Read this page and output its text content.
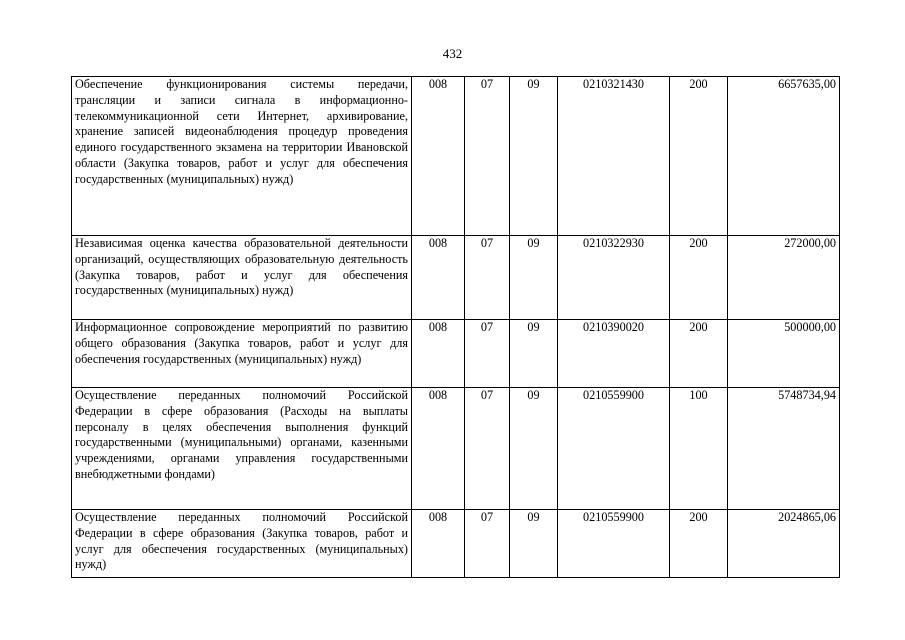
432
Обеспечение функционирования системы передачи, трансляции и записи сигнала в информационно-телекоммуникационной сети Интернет, архивирование, хранение записей видеонаблюдения процедур проведения единого государственного экзамена на территории Ивановской области (Закупка товаров, работ и услуг для обеспечения государственных (муниципальных) нужд)	008	07	09	0210321430	200	6657635,00
Независимая оценка качества образовательной деятельности организаций, осуществляющих образовательную деятельность (Закупка товаров, работ и услуг для обеспечения государственных (муниципальных) нужд)	008	07	09	0210322930	200	272000,00
Информационное сопровождение мероприятий по развитию общего образования (Закупка товаров, работ и услуг для обеспечения государственных (муниципальных) нужд)	008	07	09	0210390020	200	500000,00
Осуществление переданных полномочий Российской Федерации в сфере образования (Расходы на выплаты персоналу в целях обеспечения выполнения функций государственными (муниципальными) органами, казенными учреждениями, органами управления государственными внебюджетными фондами)	008	07	09	0210559900	100	5748734,94
Осуществление переданных полномочий Российской Федерации в сфере образования (Закупка товаров, работ и услуг для обеспечения государственных (муниципальных) нужд)	008	07	09	0210559900	200	2024865,06
